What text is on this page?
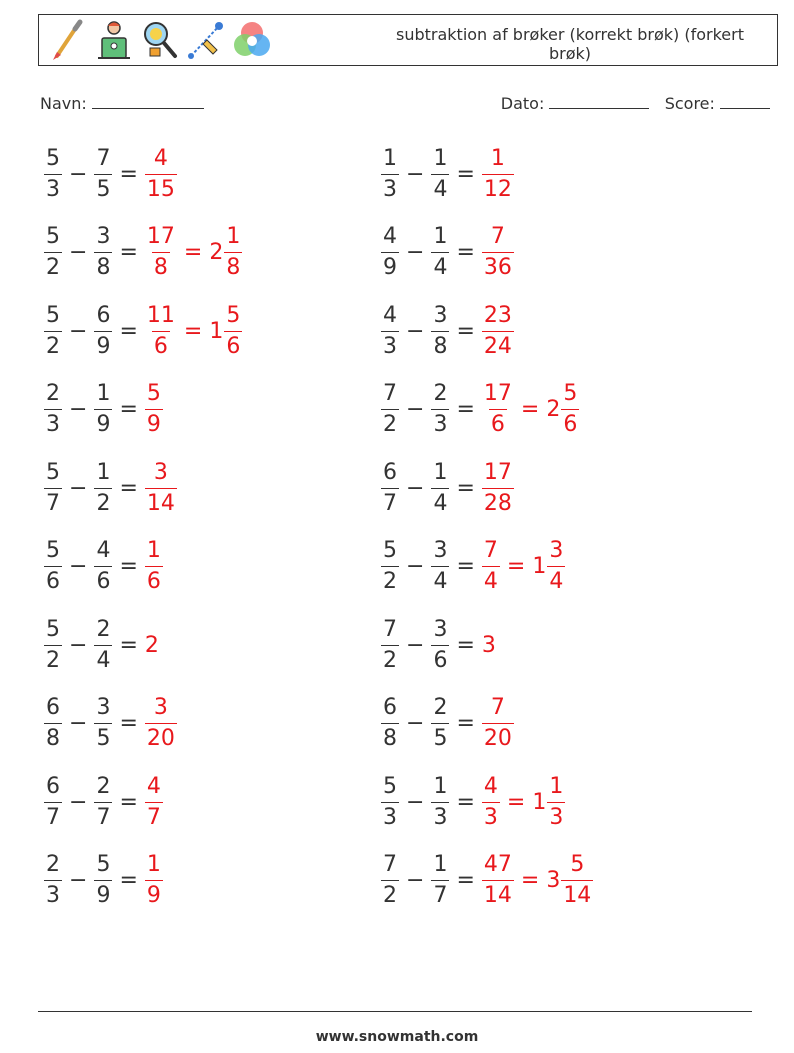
subtraktion af brøker (korrekt brøk) (forkert brøk)
Navn:	Dato:	Score:
$\frac{5}{3} - \frac{7}{5} = \frac{4}{15}$
$\frac{5}{2} - \frac{3}{8} = \frac{17}{8} = 2 \frac{1}{8}$
$\frac{5}{2} - \frac{6}{9} = \frac{11}{6} = 1 \frac{5}{6}$
$\frac{2}{3} - \frac{1}{9} = \frac{5}{9}$
$\frac{5}{7} - \frac{1}{2} = \frac{3}{14}$
$\frac{5}{6} - \frac{4}{6} = \frac{1}{6}$
$\frac{5}{2} - \frac{2}{4} = 2$
$\frac{6}{8} - \frac{3}{5} = \frac{3}{20}$
$\frac{6}{7} - \frac{2}{7} = \frac{4}{7}$
$\frac{2}{3} - \frac{5}{9} = \frac{1}{9}$
$\frac{1}{3} - \frac{1}{4} = \frac{1}{12}$
$\frac{4}{9} - \frac{1}{4} = \frac{7}{36}$
$\frac{4}{3} - \frac{3}{8} = \frac{23}{24}$
$\frac{7}{2} - \frac{2}{3} = \frac{17}{6} = 2 \frac{5}{6}$
$\frac{6}{7} - \frac{1}{4} = \frac{17}{28}$
$\frac{5}{2} - \frac{3}{4} = \frac{7}{4} = 1 \frac{3}{4}$
$\frac{7}{2} - \frac{3}{6} = 3$
$\frac{6}{8} - \frac{2}{5} = \frac{7}{20}$
$\frac{5}{3} - \frac{1}{3} = \frac{4}{3} = 1 \frac{1}{3}$
$\frac{7}{2} - \frac{1}{7} = \frac{47}{14} = 3 \frac{5}{14}$
www.snowmath.com
